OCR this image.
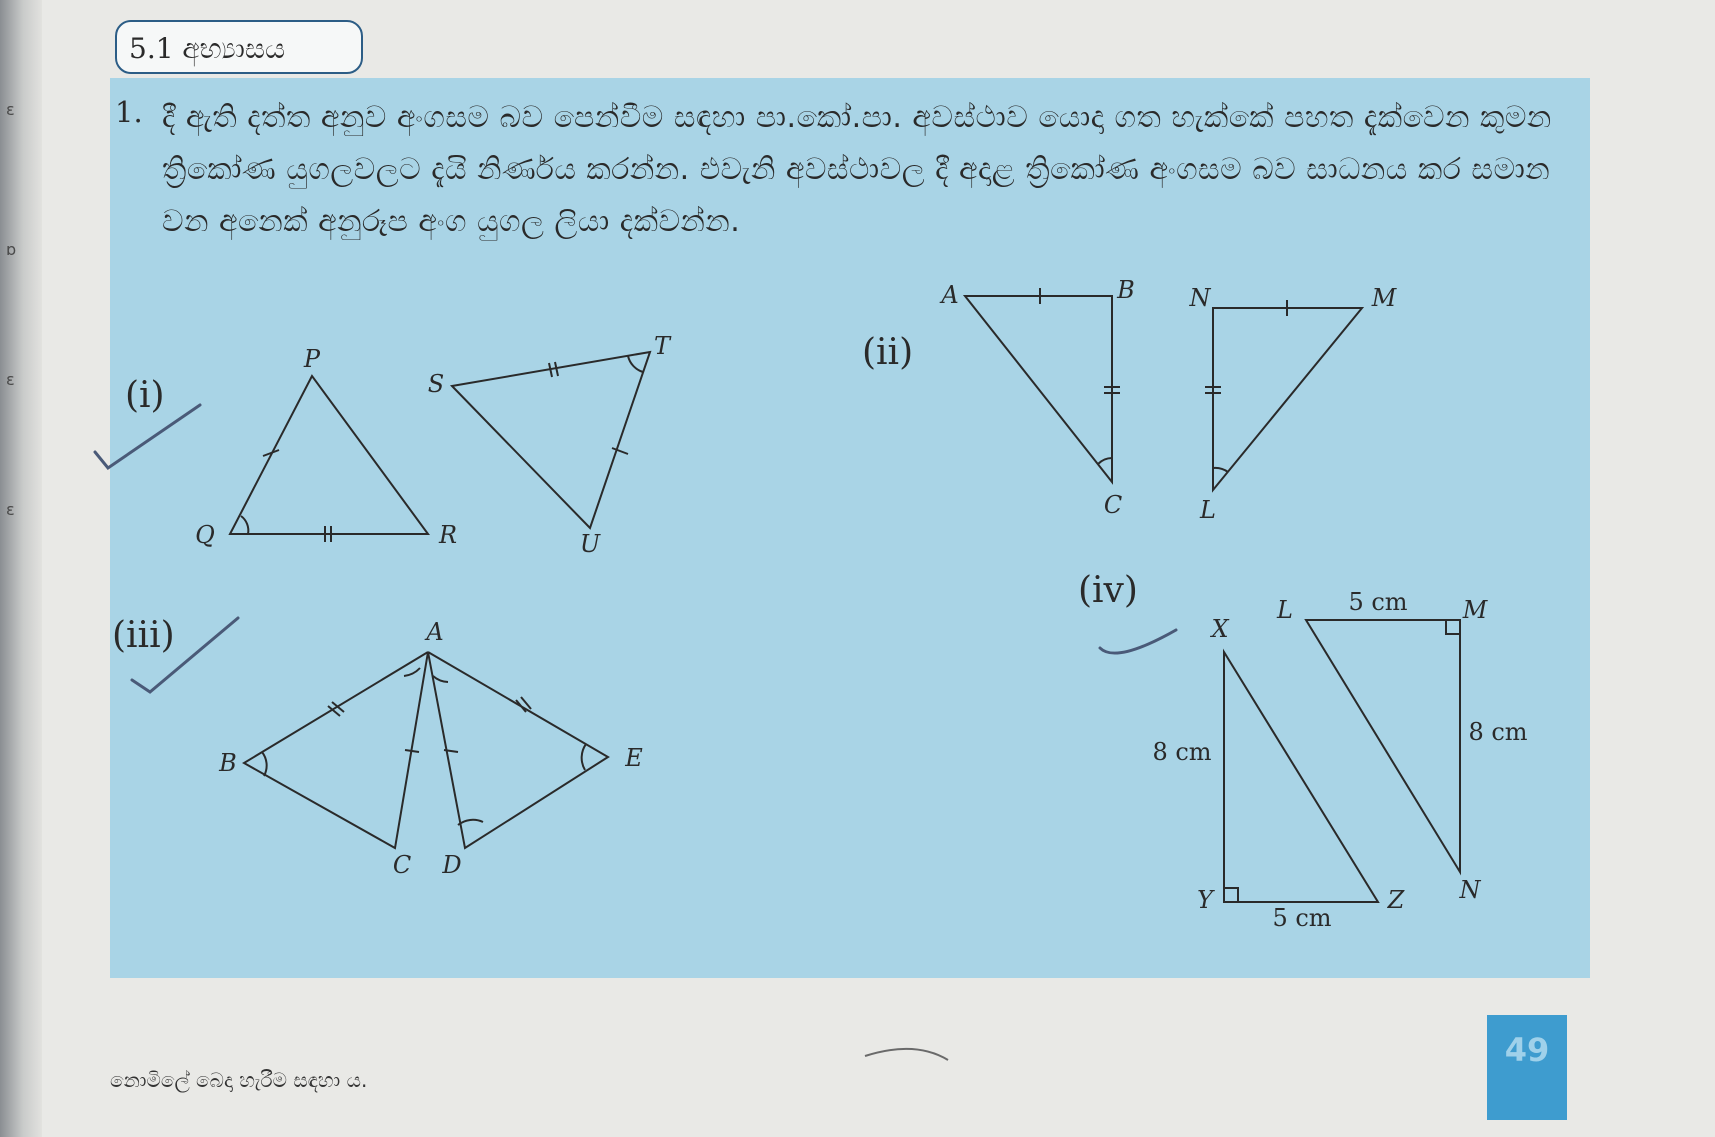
ε
ɒ
ε
ε
5.1 අභ්‍යාසය
1. දී ඇති දත්ත අනුව අංගසම බව පෙන්වීම සඳහා පා.කෝ.පා. අවස්ථාව යොදා ගත හැක්කේ පහත දැක්වෙන කුමන ත්‍රිකෝණ යුගලවලට දැයි නිර්ණය කරන්න. එවැනි අවස්ථාවල දී අදාළ ත්‍රිකෝණ අංගසම බව සාධනය කර සමාන වන අනෙක් අනුරූප අංග යුගල ලියා දක්වන්න.

(i)
(ii)
(iii)
(iv)
P
Q	R
S
T
U
A	B
C
N	M
L
A
B
C D
E
X
Y	Z
L	M
N
5 cm
8 cm
8 cm
5 cm
නොමිලේ බෙදා හැරීම සඳහා ය.
49
